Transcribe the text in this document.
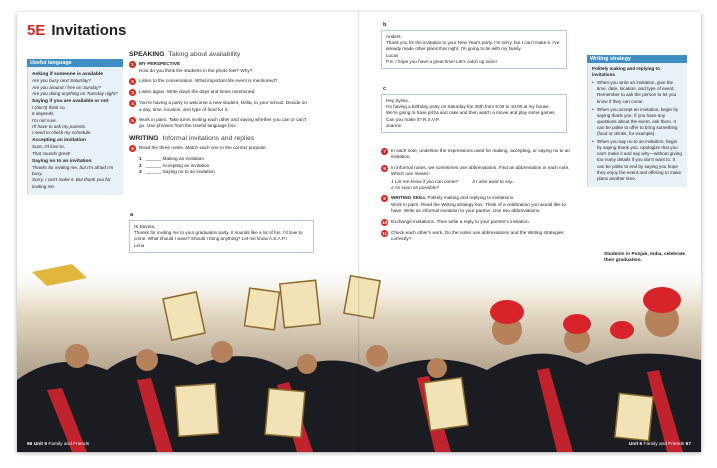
5E Invitations
Useful language
Asking if someone is available
Are you busy next Saturday?
Are you around / free on Sunday?
Are you doing anything on Tuesday night?
Saying if you are available or not
I (don't) think so.
It depends.
I'm not sure.
I'll have to ask my parents.
I need to check my schedule.
Accepting an invitation
Sure, I'd love to.
That sounds great!
Saying no to an invitation
Thanks for inviting me, but I'm afraid I'm busy.
Sorry, I can't make it. But thank you for inviting me.
SPEAKING Taking about availability
1	MY PERSPECTIVE
How do you think the students in the photo feel? Why?
2	Listen to the conversation. What important life event is mentioned?
3	Listen again. Write down the days and times mentioned.
4	You're having a party to welcome a new student, Delia, to your school. Decide on a day, time, location, and type of food for it.
5	Work in pairs. Take turns inviting each other and saying whether you can or can't go. Use phrases from the Useful language box.
WRITING Informal invitations and replies
6	Read the three notes. Match each one to the correct purpose.
1 ______ Making an invitation
2 ______ Accepting an invitation
3 ______ Saying no to an invitation
a
Hi Davina,
Thanks for inviting me to your graduation party. It sounds like a lot of fun. I'd love to come. What should I wear? Should I bring anything? Let me know A.S.A.P.!
Lena
b
Anders,
Thank you for the invitation to your New Year's party. I'm sorry, but I can't make it. I've already made other plans that night. I'm going to be with my family.
Lucas
P.S. I hope you have a great time! Let's catch up soon!
c
Hey Sylvia,
I'm having a birthday party on Saturday the 25th from 5:00 to 10:00 at my house. We're going to have pizza and cake and then watch a movie and play some games. Can you make it? R.S.V.P.
Joanne
7	In each note, underline the expressions used for making, accepting, or saying no to an invitation.
8	In informal notes, we sometimes use abbreviations. Find an abbreviation in each note. Which one means:
1 Let me know if you can come?	3 I also want to say...
2 As soon as possible?
9	WRITING SKILL Politely making and replying to invitations
Work in pairs. Read the Writing strategy box. Think of a celebration you would like to have. Write an informal invitation to your partner. Use two abbreviations.
10 Exchange invitations. Then write a reply to your partner's invitation.
11 Check each other's work. Do the notes use abbreviations and the Writing strategies correctly?
Writing strategy
Politely making and replying to invitations
• When you write an invitation, give the time, date, location, and type of event. Remember to ask the person to let you know if they can come.
• When you accept an invitation, begin by saying thank you. If you have any questions about the event, ask them. It can be polite to offer to bring something (food or drinks, for example).
• When you say no to an invitation, begin by saying thank you. Apologize that you can't make it and say why—without giving too many details if you don't want to. It can be polite to end by saying you hope they enjoy the event and offering to make plans another time.
Students in Punjab, India, celebrate
66 Unit 5 Family and Friends	Unit 5 Family and Friends 67
